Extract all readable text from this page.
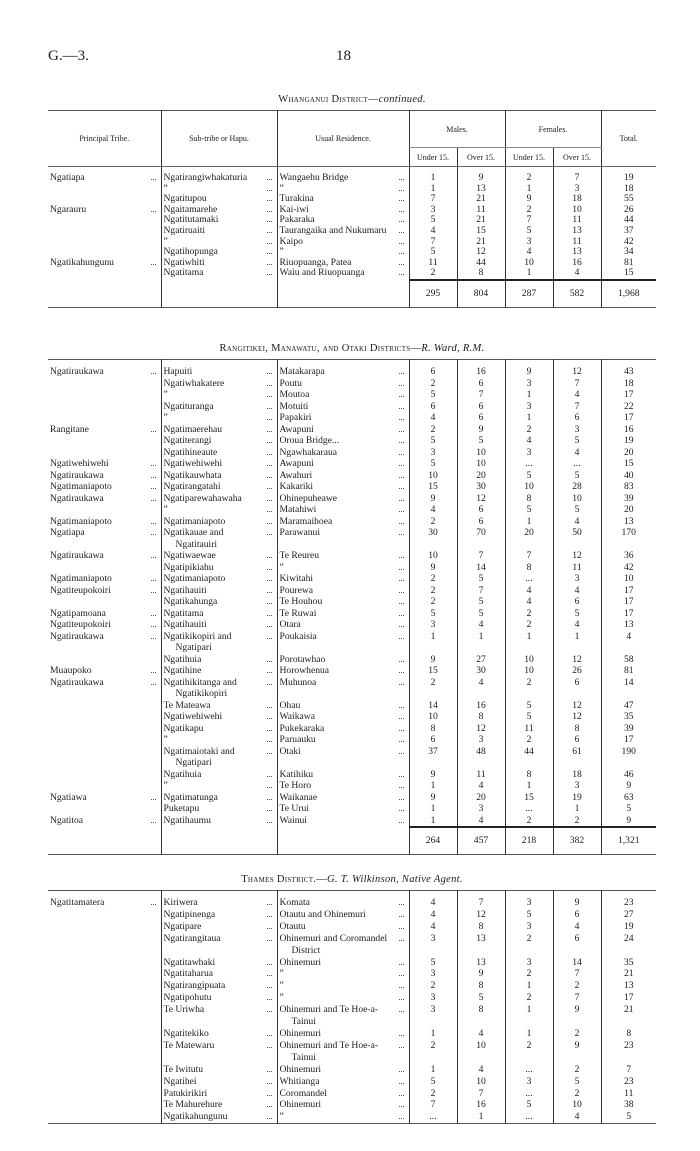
G.—3.	18
Whanganui District—continued.
Principal Tribe.	Sub-tribe or Hapu.	Usual Residence.	Males.		Females.		Total.
			Under 15.	Over 15.	Under 15.	Over 15.	

Ngatiapa ...	Ngatirangiwhakaturia ...	Wangaehu Bridge ...	1	9	2	7	19
	” ...	” ...	1	13	1	3	18
	Ngatitupou ...	Turakina ...	7	21	9	18	55
Ngarauru ...	Ngaitamarehe ...	Kai-iwi ...	3	11	2	10	26
	Ngatitutamaki ...	Pakaraka ...	5	21	7	11	44
	Ngatiruaiti ...	Taurangaika and Nukumaru ...	4	15	5	13	37
	” ...	Kaipo ...	7	21	3	11	42
	Ngatihopunga ...	” ...	5	12	4	13	34
Ngatikahungunu ...	Ngatiwhiti ...	Riuopuanga, Patea ...	11	44	10	16	81
	Ngatitama ...	Waiu and Riuopuanga ...	2	8	1	4	15
			295	804	287	582	1,968
Rangitikei, Manawatu, and Otaki Districts—R. Ward, R.M.

Ngatiraukawa ...	Hapuiti ...	Matakarapa ...	6	16	9	12	43
	Ngatiwhakatere ...	Poutu ...	2	6	3	7	18
	” ...	Moutoa ...	5	7	1	4	17
	Ngatituranga ...	Motuiti ...	6	6	3	7	22
	” ...	Papakiri ...	4	6	1	6	17
Rangitane ...	Ngatimaerehau ...	Awapuni ...	2	9	2	3	16
	Ngatiterangi ...	Oroua Bridge... ...	5	5	4	5	19
	Ngatihineaute ...	Ngawhakaraua ...	3	10	3	4	20
Ngatiwehiwehi ...	Ngatiwehiwehi ...	Awapuni ...	5	10	...	...	15
Ngatiraukawa ...	Ngatikauwhata ...	Awahuri ...	10	20	5	5	40
Ngatimaniapoto ...	Ngatirangatahi ...	Kakariki ...	15	30	10	28	83
Ngatiraukawa ...	Ngatiparewahawaha ...	Ohinepuheawe ...	9	12	8	10	39
	” ...	Matahiwi ...	4	6	5	5	20
Ngatimaniapoto ...	Ngatimaniapoto ...	Maramaihoea ...	2	6	1	4	13
Ngatiapa ...	Ngatikauae and Ngatitauiri ...	Parawanui ...	30	70	20	50	170
Ngatiraukawa ...	Ngatiwaewae ...	Te Reureu ...	10	7	7	12	36
	Ngatipikiahu ...	” ...	9	14	8	11	42
Ngatimaniapoto ...	Ngatimaniapoto ...	Kiwitahi ...	2	5	...	3	10
Ngatiteupokoiri ...	Ngatihauiti ...	Pourewa ...	2	7	4	4	17
	Ngatikahunga ...	Te Houhou ...	2	5	4	6	17
Ngatipamoana ...	Ngatitama ...	Te Ruwai ...	5	5	2	5	17
Ngatiteupokoiri ...	Ngatihauiti ...	Otara ...	3	4	2	4	13
Ngatiraukawa ...	Ngatikikopiri and Ngatipari ...	Poukaisia ...	1	1	1	1	4
	Ngatihuia ...	Porotawhao ...	9	27	10	12	58
Muaupoko ...	Ngatihine ...	Horowhenua ...	15	30	10	26	81
Ngatiraukawa ...	Ngatihikitanga and Ngatikikopiri ...	Muhunoa ...	2	4	2	6	14
	Te Mateawa ...	Ohau ...	14	16	5	12	47
	Ngatiwehiwehi ...	Waikawa ...	10	8	5	12	35
	Ngatikapu ...	Pukekaraka ...	8	12	11	8	39
	” ...	Paruauku ...	6	3	2	6	17
	Ngatimaiotaki and Ngatipari ...	Otaki ...	37	48	44	61	190
	Ngatihuia ...	Katihiku ...	9	11	8	18	46
	” ...	Te Horo ...	1	4	1	3	9
Ngatiawa ...	Ngatimatunga ...	Waikanae ...	9	20	15	19	63
	Puketapu ...	Te Urui ...	1	3	...	1	5
Ngatitoa ...	Ngatihaumu ...	Wainui ...	1	4	2	2	9
			264	457	218	382	1,321
Thames District.—G. T. Wilkinson, Native Agent.

Ngatitamatera ...	Kiriwera ...	Komata ...	4	7	3	9	23
	Ngatipinenga ...	Otautu and Ohinemuri ...	4	12	5	6	27
	Ngatipare ...	Otautu ...	4	8	3	4	19
	Ngatirangitaua ...	Ohinemuri and Coromandel District ...	3	13	2	6	24
	Ngatitawhaki ...	Ohinemuri ...	5	13	3	14	35
	Ngatitaharua ...	” ...	3	9	2	7	21
	Ngatirangipuata ...	” ...	2	8	1	2	13
	Ngatipohutu ...	” ...	3	5	2	7	17
	Te Uriwha ...	Ohinemuri and Te Hoe-a-Tainui ...	3	8	1	9	21
	Ngatitekiko ...	Ohinemuri ...	1	4	1	2	8
	Te Matewaru ...	Ohinemuri and Te Hoe-a-Tainui ...	2	10	2	9	23
	Te Iwitutu ...	Ohinemuri ...	1	4	...	2	7
	Ngatihei ...	Whitianga ...	5	10	3	5	23
	Patukirikiri ...	Coromandel ...	2	7	...	2	11
	Te Mahurehure ...	Ohinemuri ...	7	16	5	10	38
	Ngatikahungunu ...	” ...	...	1	...	4	5
